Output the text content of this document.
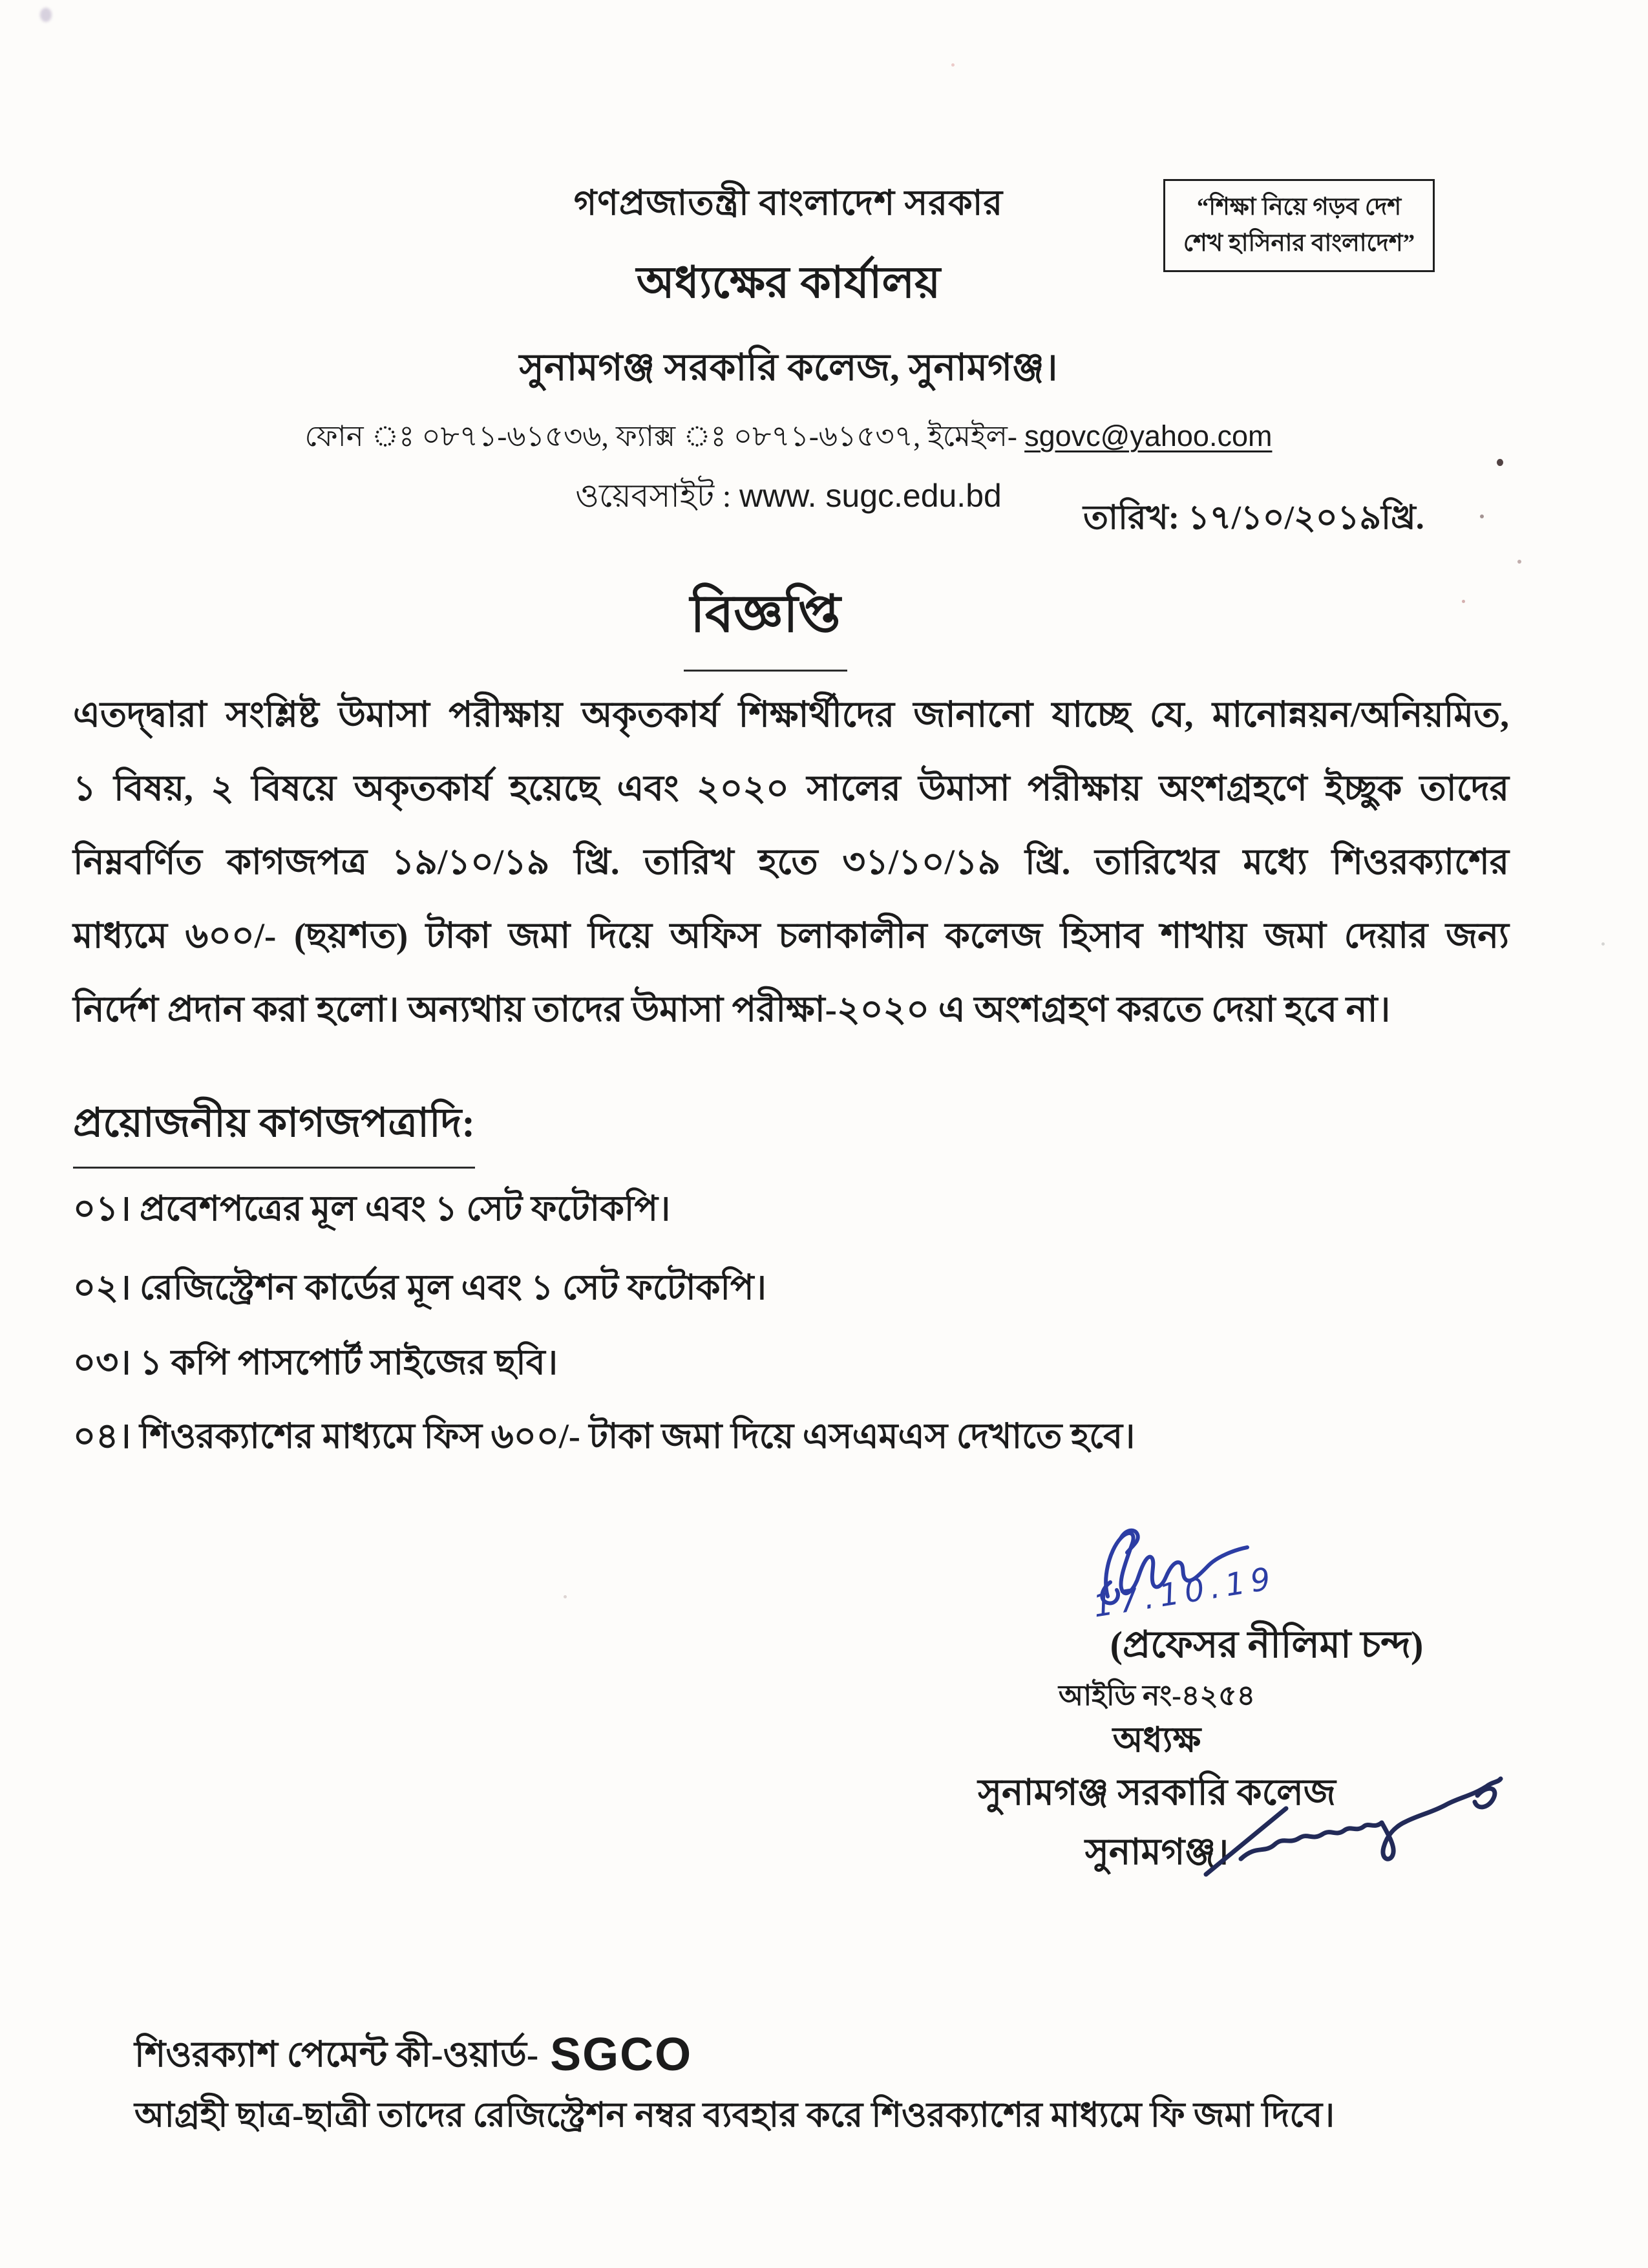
গণপ্রজাতন্ত্রী বাংলাদেশ সরকার
অধ্যক্ষের কার্যালয়
সুনামগঞ্জ সরকারি কলেজ, সুনামগঞ্জ।
ফোন ঃ ০৮৭১-৬১৫৩৬, ফ্যাক্স ঃ ০৮৭১-৬১৫৩৭, ইমেইল- sgovc@yahoo.com
ওয়েবসাইট : www. sugc.edu.bd
“শিক্ষা নিয়ে গড়ব দেশ
শেখ হাসিনার বাংলাদেশ”
তারিখ: ১৭/১০/২০১৯খ্রি.
বিজ্ঞপ্তি
এতদ্দ্বারা সংশ্লিষ্ট উমাসা পরীক্ষায় অকৃতকার্য শিক্ষার্থীদের জানানো যাচ্ছে যে, মানোন্নয়ন/অনিয়মিত,
১ বিষয়, ২ বিষয়ে অকৃতকার্য হয়েছে এবং ২০২০ সালের উমাসা পরীক্ষায় অংশগ্রহণে ইচ্ছুক তাদের
নিম্নবর্ণিত কাগজপত্র ১৯/১০/১৯ খ্রি. তারিখ হতে ৩১/১০/১৯ খ্রি. তারিখের মধ্যে শিওরক্যাশের
মাধ্যমে ৬০০/- (ছয়শত) টাকা জমা দিয়ে অফিস চলাকালীন কলেজ হিসাব শাখায় জমা দেয়ার জন্য
নির্দেশ প্রদান করা হলো। অন্যথায় তাদের উমাসা পরীক্ষা-২০২০ এ অংশগ্রহণ করতে দেয়া হবে না।
প্রয়োজনীয় কাগজপত্রাদি:
০১। প্রবেশপত্রের মূল এবং ১ সেট ফটোকপি।
০২। রেজিস্ট্রেশন কার্ডের মূল এবং ১ সেট ফটোকপি।
০৩। ১ কপি পাসপোর্ট সাইজের ছবি।
০৪। শিওরক্যাশের মাধ্যমে ফিস ৬০০/- টাকা জমা দিয়ে এসএমএস দেখাতে হবে।
17.10.19
(প্রফেসর নীলিমা চন্দ)
আইডি নং-৪২৫৪
অধ্যক্ষ
সুনামগঞ্জ সরকারি কলেজ
সুনামগঞ্জ।
শিওরক্যাশ পেমেন্ট কী-ওয়ার্ড- SGCO
আগ্রহী ছাত্র-ছাত্রী তাদের রেজিস্ট্রেশন নম্বর ব্যবহার করে শিওরক্যাশের মাধ্যমে ফি জমা দিবে।
